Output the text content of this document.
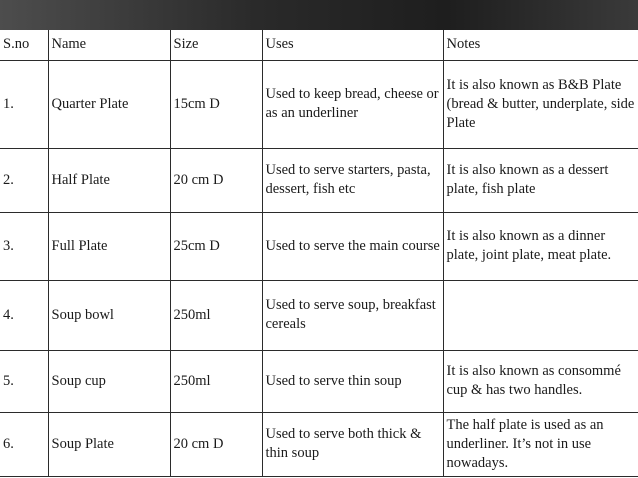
S.no	Name	Size	Uses	Notes
1.	Quarter Plate	15cm D	Used to keep bread, cheese or as an underliner	It is also known as B&B Plate (bread & butter, underplate, side Plate
2.	Half Plate	20 cm D	Used to serve starters, pasta, dessert, fish etc	It is also known as a dessert plate, fish plate
3.	Full Plate	25cm D	Used to serve the main course	It is also known as a dinner plate, joint plate, meat plate.
4.	Soup bowl	250ml	Used to serve soup, breakfast cereals	
5.	Soup cup	250ml	Used to serve thin soup	It is also known as consommé cup & has two handles.
6.	Soup Plate	20 cm D	Used to serve both thick & thin soup	The half plate is used as an underliner. It’s not in use nowadays.
